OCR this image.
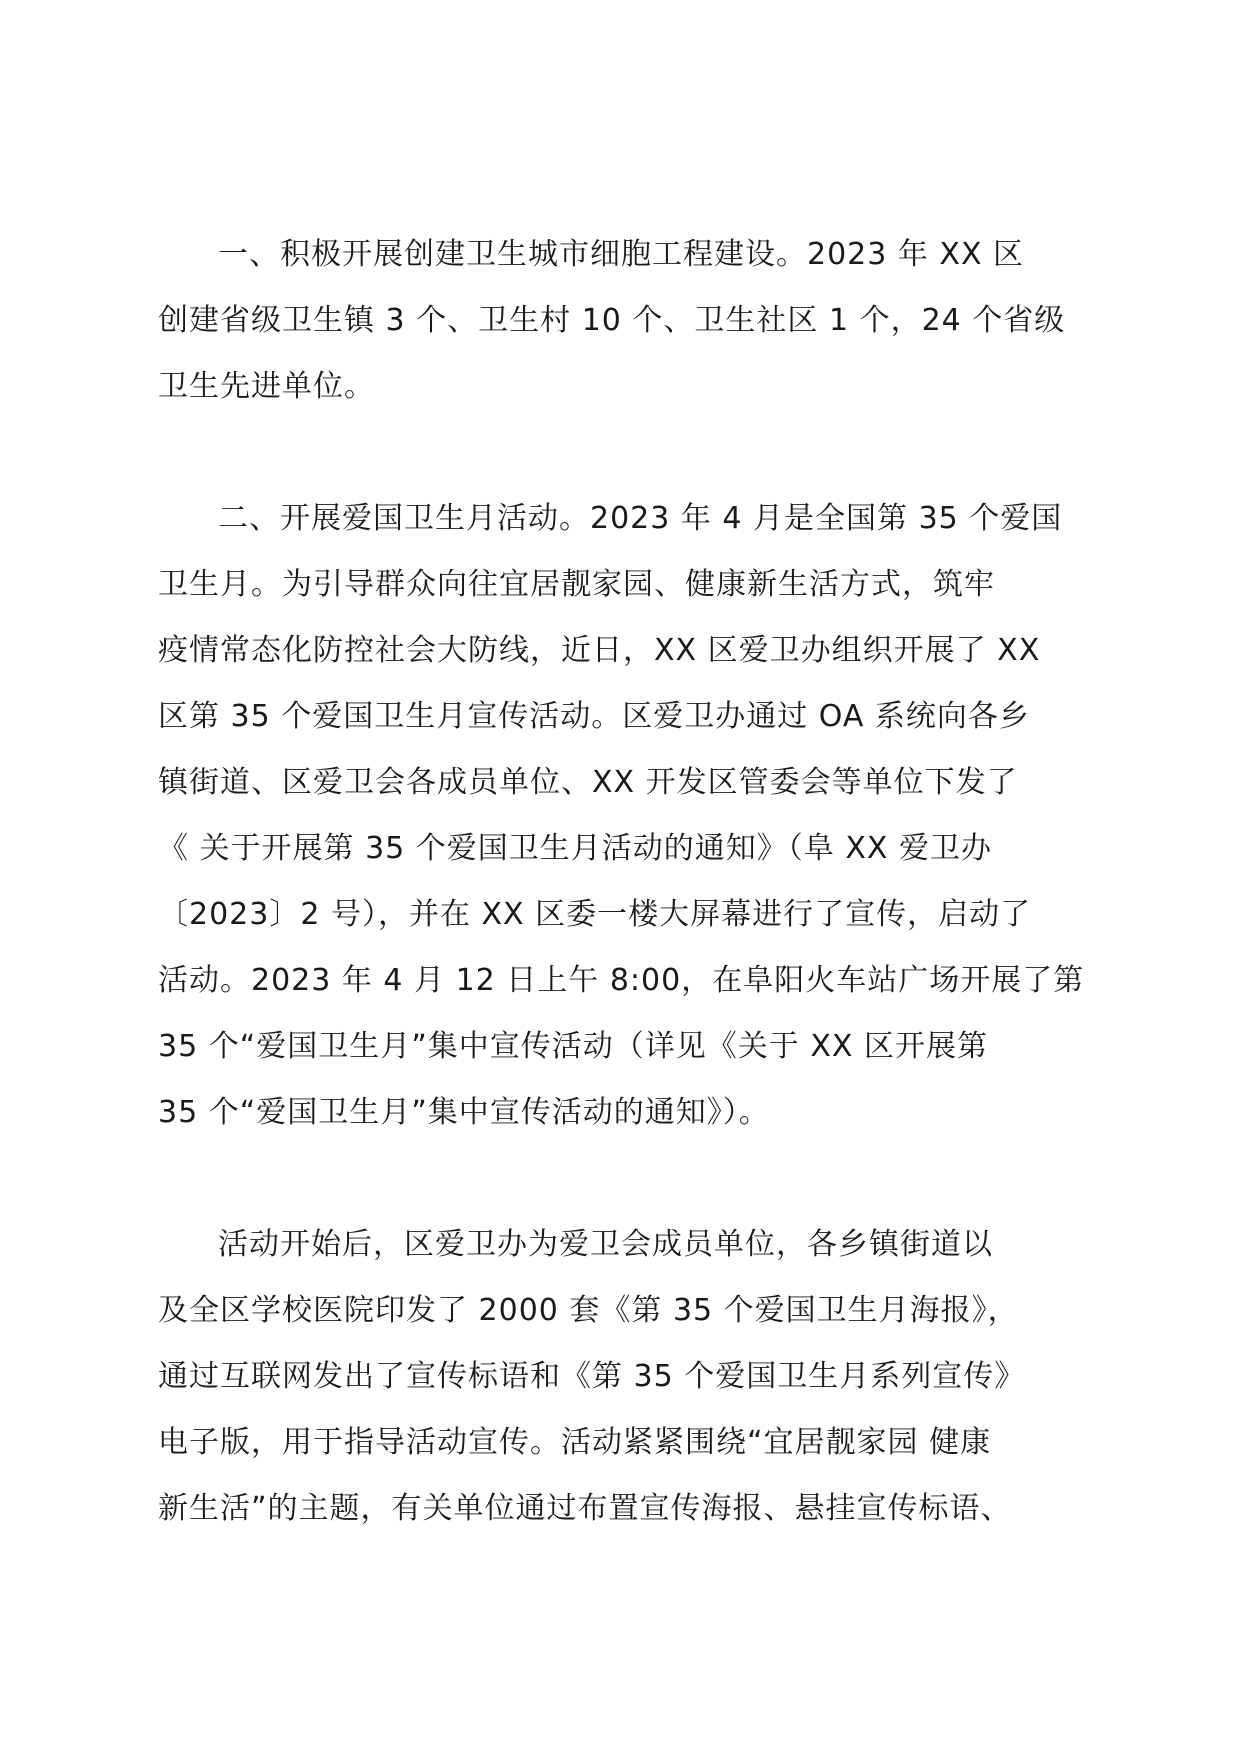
一、积极开展创建卫生城市细胞工程建设。2023 年 XX 区
创建省级卫生镇 3 个、卫生村 10 个、卫生社区 1 个，24 个省级
卫生先进单位。
二、开展爱国卫生月活动。2023 年 4 月是全国第 35 个爱国
卫生月。为引导群众向往宜居靓家园、健康新生活方式，筑牢
疫情常态化防控社会大防线，近日，XX 区爱卫办组织开展了 XX
区第 35 个爱国卫生月宣传活动。区爱卫办通过 OA 系统向各乡
镇街道、区爱卫会各成员单位、XX 开发区管委会等单位下发了
《 关于开展第 35 个爱国卫生月活动的通知》（阜 XX 爱卫办
〔2023〕2 号），并在 XX 区委一楼大屏幕进行了宣传，启动了
活动。2023 年 4 月 12 日上午 8:00，在阜阳火车站广场开展了第
35 个“爱国卫生月”集中宣传活动（详见《关于 XX 区开展第
35 个“爱国卫生月”集中宣传活动的通知》）。
活动开始后，区爱卫办为爱卫会成员单位，各乡镇街道以
及全区学校医院印发了 2000 套《第 35 个爱国卫生月海报》，
通过互联网发出了宣传标语和《第 35 个爱国卫生月系列宣传》
电子版，用于指导活动宣传。活动紧紧围绕“宜居靓家园 健康
新生活”的主题，有关单位通过布置宣传海报、悬挂宣传标语、
